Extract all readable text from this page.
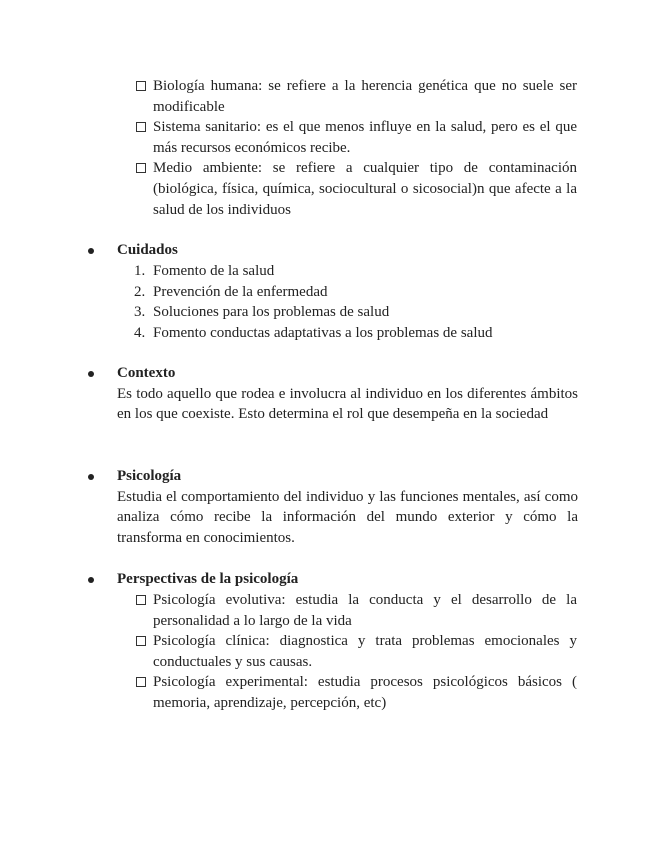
Biología humana: se refiere a la herencia genética que no suele ser modificable
Sistema sanitario: es el que menos influye en la salud, pero es el que más recursos económicos recibe.
Medio ambiente: se refiere a cualquier tipo de contaminación (biológica, física, química, sociocultural o sicosocial)n que afecte a la salud de los individuos
Cuidados
1. Fomento de la salud
2. Prevención de la enfermedad
3. Soluciones para los problemas de salud
4. Fomento conductas adaptativas a los problemas de salud
Contexto
Es todo aquello que rodea e involucra al individuo en los diferentes ámbitos en los que coexiste. Esto determina el rol que desempeña en la sociedad
Psicología
Estudia el comportamiento del individuo y las funciones mentales, así como analiza cómo recibe la información del mundo exterior y cómo la transforma en conocimientos.
Perspectivas de la psicología
Psicología evolutiva: estudia la conducta y el desarrollo de la personalidad a lo largo de la vida
Psicología clínica: diagnostica y trata problemas emocionales y conductuales y sus causas.
Psicología experimental: estudia procesos psicológicos básicos ( memoria, aprendizaje, percepción, etc)
